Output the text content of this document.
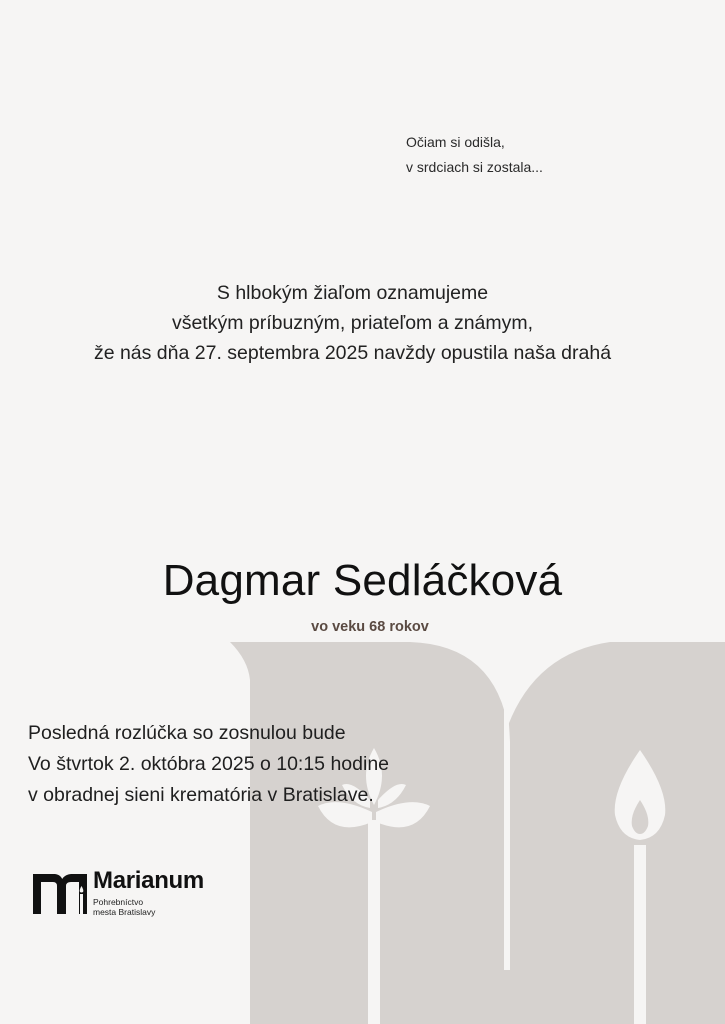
Očiam si odišla,
v srdciach si zostala...
S hlbokým žiaľom oznamujeme
všetkým príbuzným, priateľom a známym,
že nás dňa 27. septembra 2025 navždy opustila naša drahá
Dagmar Sedláčková
vo veku 68 rokov
Posledná rozlúčka so zosnulou bude
Vo štvrtok 2. októbra 2025 o 10:15 hodine
v obradnej sieni krematória v Bratislave.
Marianum
Pohrebníctvo
mesta Bratislavy
